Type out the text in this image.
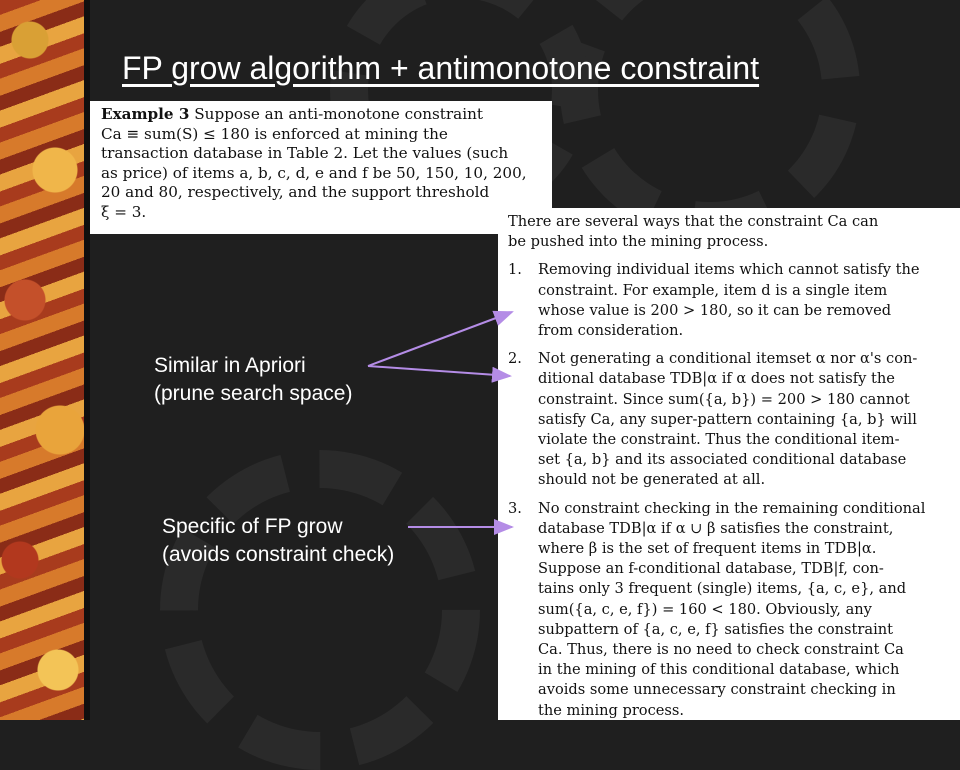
FP grow algorithm + antimonotone constraint
Example 3 Suppose an anti-monotone constraint
Ca ≡ sum(S) ≤ 180 is enforced at mining the
transaction database in Table 2. Let the values (such
as price) of items a, b, c, d, e and f be 50, 150, 10, 200,
20 and 80, respectively, and the support threshold
ξ = 3.
There are several ways that the constraint Ca can
be pushed into the mining process.
1.	Removing individual items which cannot satisfy the
constraint. For example, item d is a single item
whose value is 200 > 180, so it can be removed
from consideration.
2.	Not generating a conditional itemset α nor α's con-
ditional database TDB|α if α does not satisfy the
constraint. Since sum({a, b}) = 200 > 180 cannot
satisfy Ca, any super-pattern containing {a, b} will
violate the constraint. Thus the conditional item-
set {a, b} and its associated conditional database
should not be generated at all.
3.	No constraint checking in the remaining conditional
database TDB|α if α ∪ β satisfies the constraint,
where β is the set of frequent items in TDB|α.
Suppose an f-conditional database, TDB|f, con-
tains only 3 frequent (single) items, {a, c, e}, and
sum({a, c, e, f}) = 160 < 180. Obviously, any
subpattern of {a, c, e, f} satisfies the constraint
Ca. Thus, there is no need to check constraint Ca
in the mining of this conditional database, which
avoids some unnecessary constraint checking in
the mining process.
Similar in Apriori
(prune search space)
Specific of FP grow
(avoids constraint check)
